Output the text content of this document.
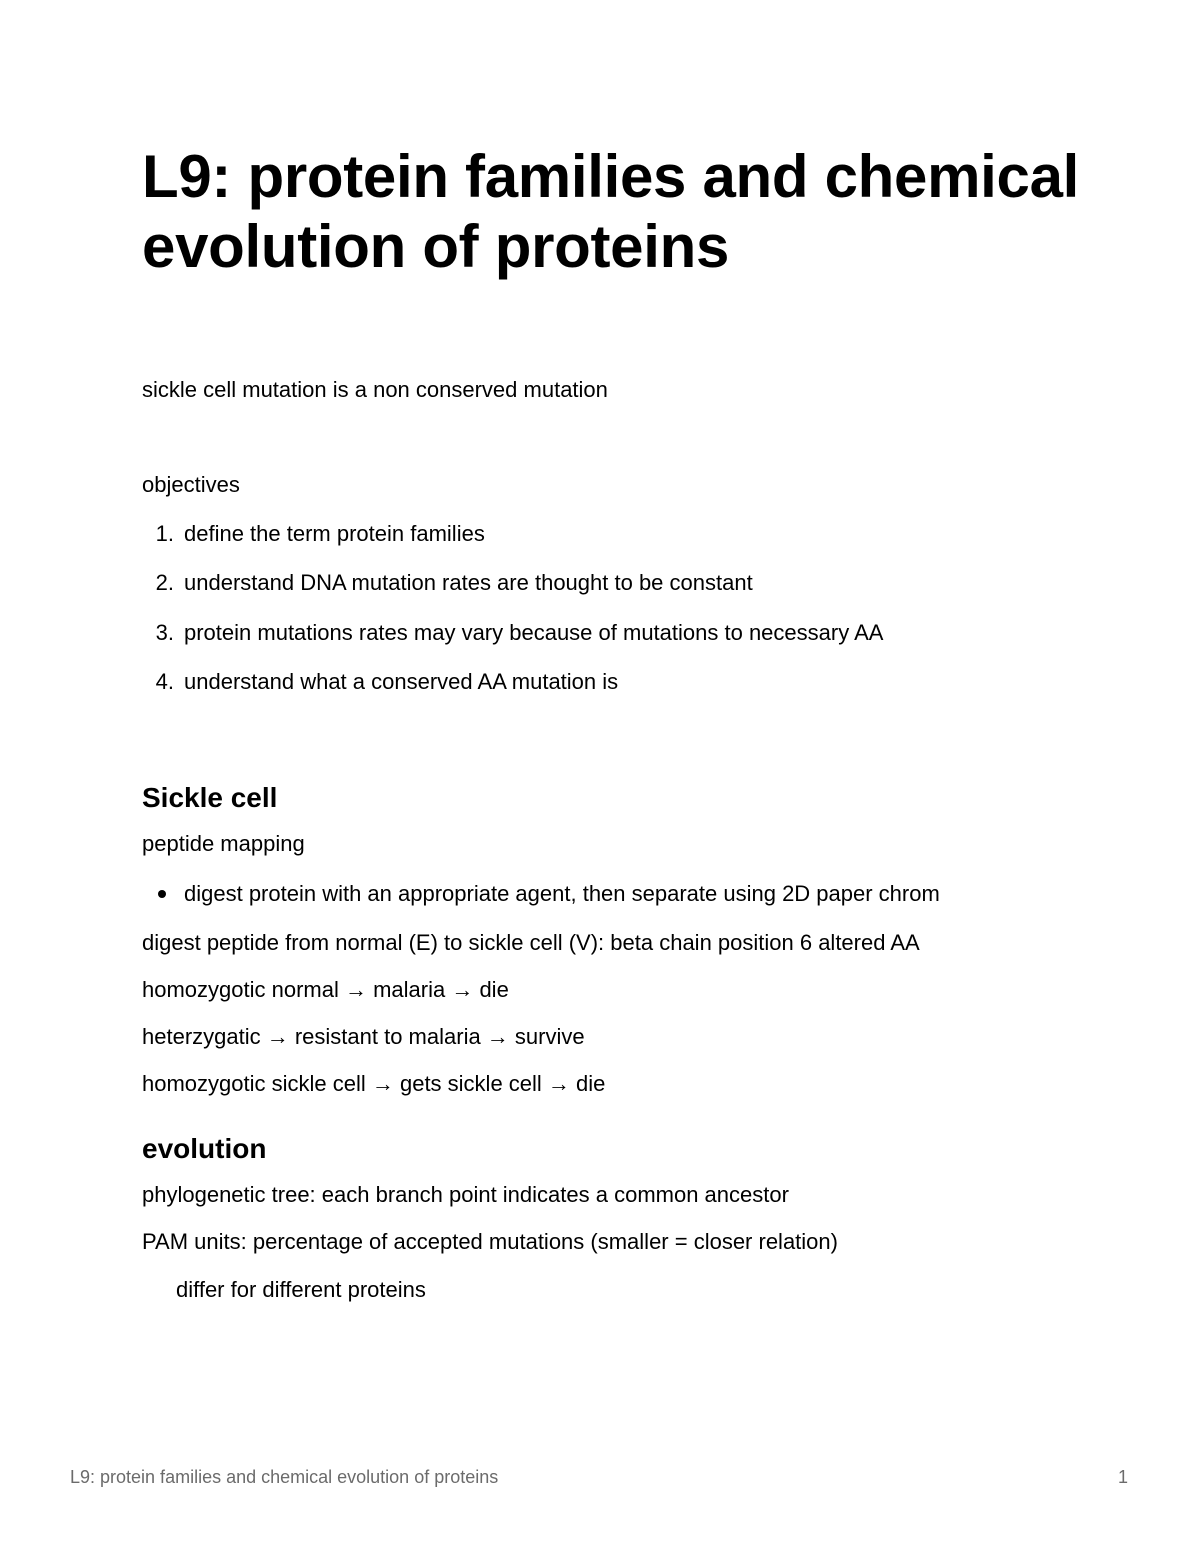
L9: protein families and chemical evolution of proteins

sickle cell mutation is a non conserved mutation

objectives

1. define the term protein families
2. understand DNA mutation rates are thought to be constant
3. protein mutations rates may vary because of mutations to necessary AA
4. understand what a conserved AA mutation is
Sickle cell

peptide mapping

digest protein with an appropriate agent, then separate using 2D paper chrom

digest peptide from normal (E) to sickle cell (V): beta chain position 6 altered AA

homozygotic normal → malaria → die

heterzygatic → resistant to malaria → survive

homozygotic sickle cell → gets sickle cell → die

evolution

phylogenetic tree: each branch point indicates a common ancestor

PAM units: percentage of accepted mutations (smaller = closer relation)

differ for different proteins

L9: protein families and chemical evolution of proteins	1
